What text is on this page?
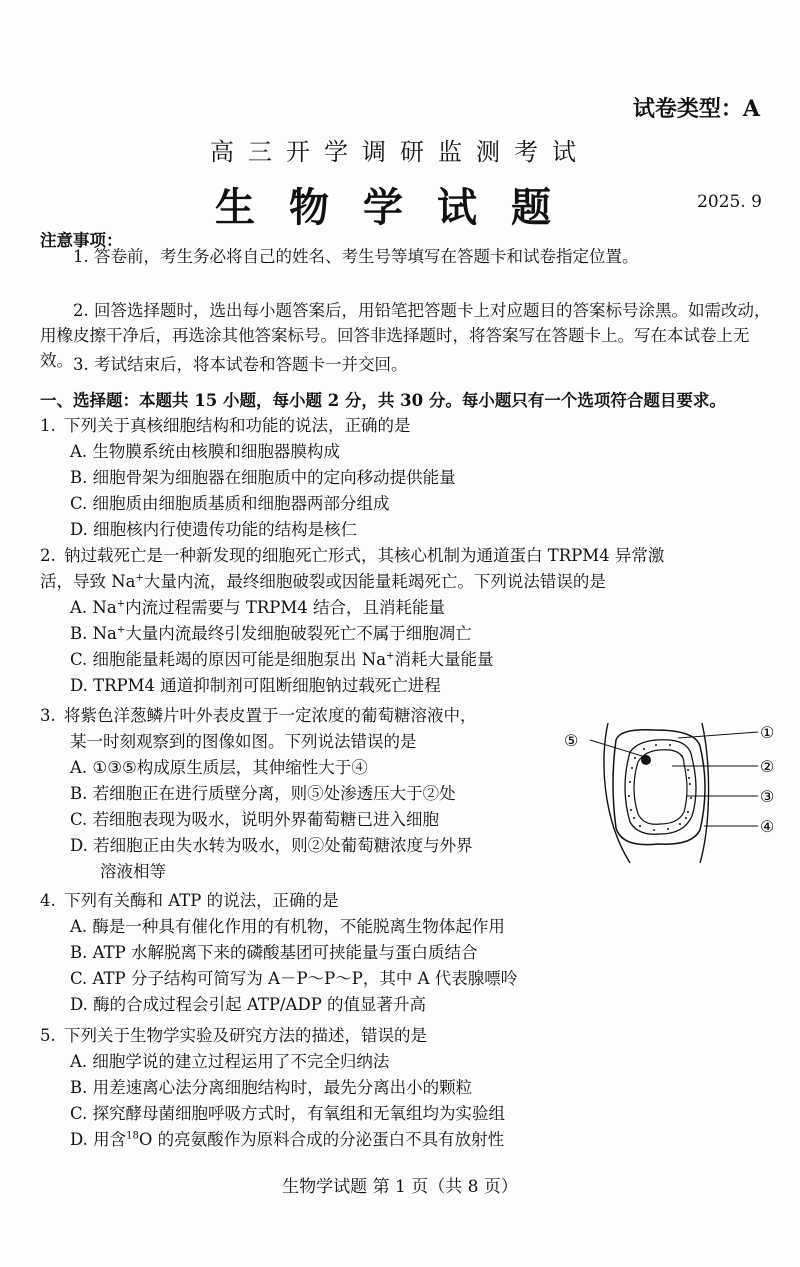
试卷类型：A
高三开学调研监测考试
生物学试题	2025. 9
注意事项：
1. 答卷前，考生务必将自己的姓名、考生号等填写在答题卡和试卷指定位置。
2. 回答选择题时，选出每小题答案后，用铅笔把答题卡上对应题目的答案标号涂黑。如需改动，用橡皮擦干净后，再选涂其他答案标号。回答非选择题时，将答案写在答题卡上。写在本试卷上无效。 3. 考试结束后，将本试卷和答题卡一并交回。
一、选择题：本题共 15 小题，每小题 2 分，共 30 分。每小题只有一个选项符合题目要求。
1. 下列关于真核细胞结构和功能的说法，正确的是
A. 生物膜系统由核膜和细胞器膜构成
B. 细胞骨架为细胞器在细胞质中的定向移动提供能量
C. 细胞质由细胞质基质和细胞器两部分组成
D. 细胞核内行使遗传功能的结构是核仁
2. 钠过载死亡是一种新发现的细胞死亡形式，其核心机制为通道蛋白 TRPM4 异常激
活，导致 Na+大量内流，最终细胞破裂或因能量耗竭死亡。下列说法错误的是
A. Na+内流过程需要与 TRPM4 结合，且消耗能量
B. Na+大量内流最终引发细胞破裂死亡不属于细胞凋亡
C. 细胞能量耗竭的原因可能是细胞泵出 Na+消耗大量能量
D. TRPM4 通道抑制剂可阻断细胞钠过载死亡进程
3. 将紫色洋葱鳞片叶外表皮置于一定浓度的葡萄糖溶液中，
某一时刻观察到的图像如图。下列说法错误的是
A. ①③⑤构成原生质层，其伸缩性大于④
B. 若细胞正在进行质壁分离，则⑤处渗透压大于②处
C. 若细胞表现为吸水，说明外界葡萄糖已进入细胞
D. 若细胞正由失水转为吸水，则②处葡萄糖浓度与外界
溶液相等
⑤	①
②
③
④
4. 下列有关酶和 ATP 的说法，正确的是
A. 酶是一种具有催化作用的有机物，不能脱离生物体起作用
B. ATP 水解脱离下来的磷酸基团可挟能量与蛋白质结合
C. ATP 分子结构可简写为 A－P～P～P，其中 A 代表腺嘌呤
D. 酶的合成过程会引起 ATP/ADP 的值显著升高
5. 下列关于生物学实验及研究方法的描述，错误的是
A. 细胞学说的建立过程运用了不完全归纳法
B. 用差速离心法分离细胞结构时，最先分离出小的颗粒
C. 探究酵母菌细胞呼吸方式时，有氧组和无氧组均为实验组
D. 用含$^{18}$O 的亮氨酸作为原料合成的分泌蛋白不具有放射性
生物学试题 第 1 页（共 8 页）
